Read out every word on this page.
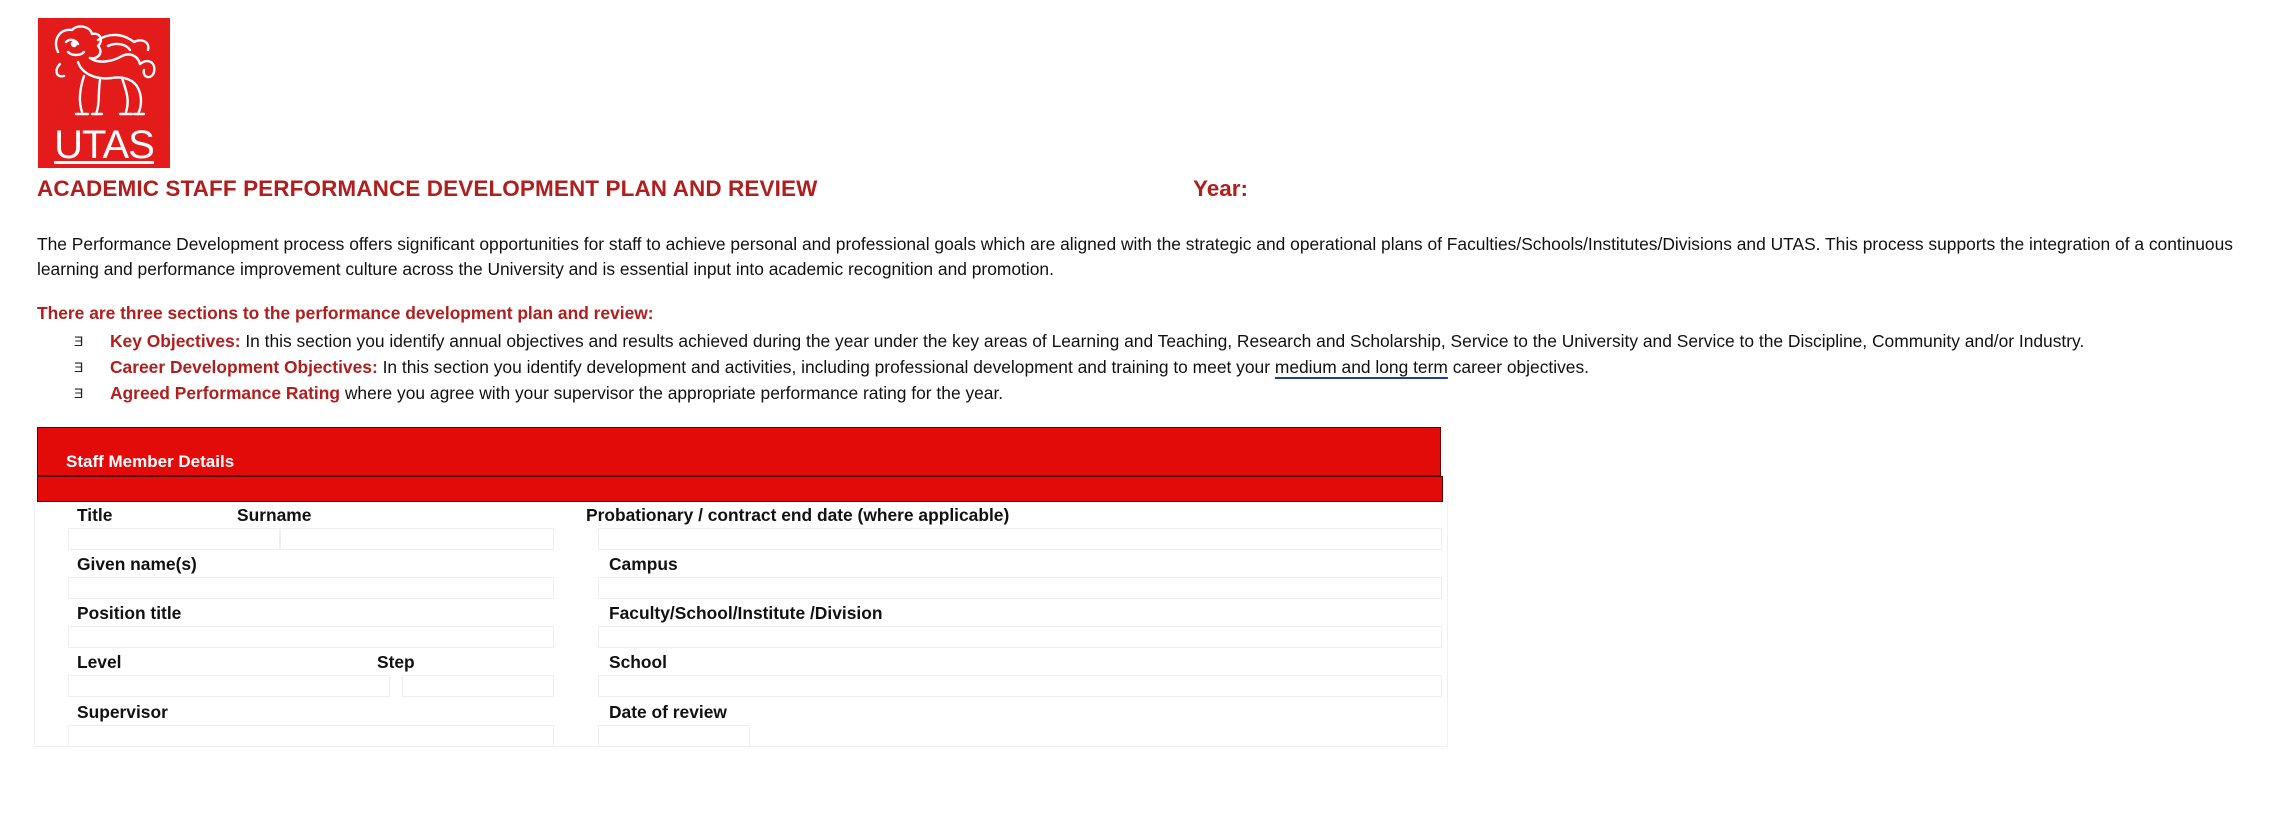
UTAS
ACADEMIC STAFF PERFORMANCE DEVELOPMENT PLAN AND REVIEW	Year:
The Performance Development process offers significant opportunities for staff to achieve personal and professional goals which are aligned with the strategic and operational plans of Faculties/Schools/Institutes/Divisions and UTAS. This process supports the integration of a continuous learning and performance improvement culture across the University and is essential input into academic recognition and promotion.
There are three sections to the performance development plan and review:
Ǝ Key Objectives: In this section you identify annual objectives and results achieved during the year under the key areas of Learning and Teaching, Research and Scholarship, Service to the University and Service to the Discipline, Community and/or Industry.
Ǝ Career Development Objectives: In this section you identify development and activities, including professional development and training to meet your medium and long term career objectives.
Ǝ Agreed Performance Rating where you agree with your supervisor the appropriate performance rating for the year.
Staff Member Details
Title	Surname	Probationary / contract end date (where applicable)
Given name(s)	Campus
Position title	Faculty/School/Institute /Division
Level	Step	School
Supervisor	Date of review
